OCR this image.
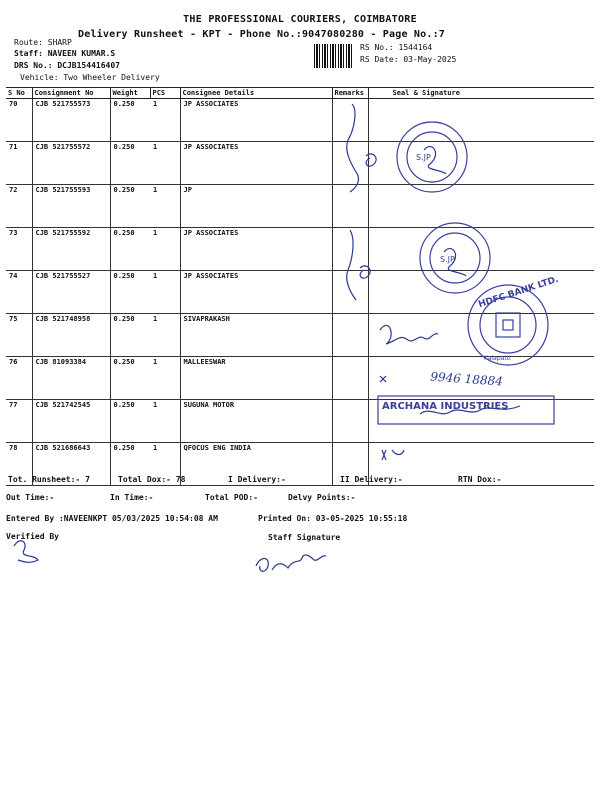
THE PROFESSIONAL COURIERS, COIMBATORE
Delivery Runsheet - KPT - Phone No.:9047080280 - Page No.:7
Route: SHARP
Staff: NAVEEN KUMAR.S
DRS No.: DCJB154416407
Vehicle: Two Wheeler Delivery
RS No.: 1544164
RS Date: 03-May-2025
S No	Consignment No	Weight	PCS	Consignee Details	Remarks	Seal & Signature
70	CJB 521755573	0.250	1	JP ASSOCIATES		
71	CJB 521755572	0.250	1	JP ASSOCIATES		
72	CJB 521755593	0.250	1	JP		
73	CJB 521755592	0.250	1	JP ASSOCIATES		
74	CJB 521755527	0.250	1	JP ASSOCIATES		
75	CJB 521748958	0.250	1	SIVAPRAKASH		
76	CJB 81093384	0.250	1	MALLEESWAR		
77	CJB 521742545	0.250	1	SUGUNA MOTOR		
78	CJB 521686643	0.250	1	QFOCUS ENG INDIA		
S.JP
S.JP
HDFC BANK LTD.
Kalapatti
9946 18884
ARCHANA INDUSTRIES
Tot. Runsheet:- 7	Total Dox:- 78	I Delivery:-	II Delivery:-	RTN Dox:-
Out Time:-	In Time:-	Total POD:-	Delvy Points:-
Entered By :NAVEENKPT 05/03/2025 10:54:08 AM	Printed On: 03-05-2025 10:55:18
Verified By	Staff Signature
